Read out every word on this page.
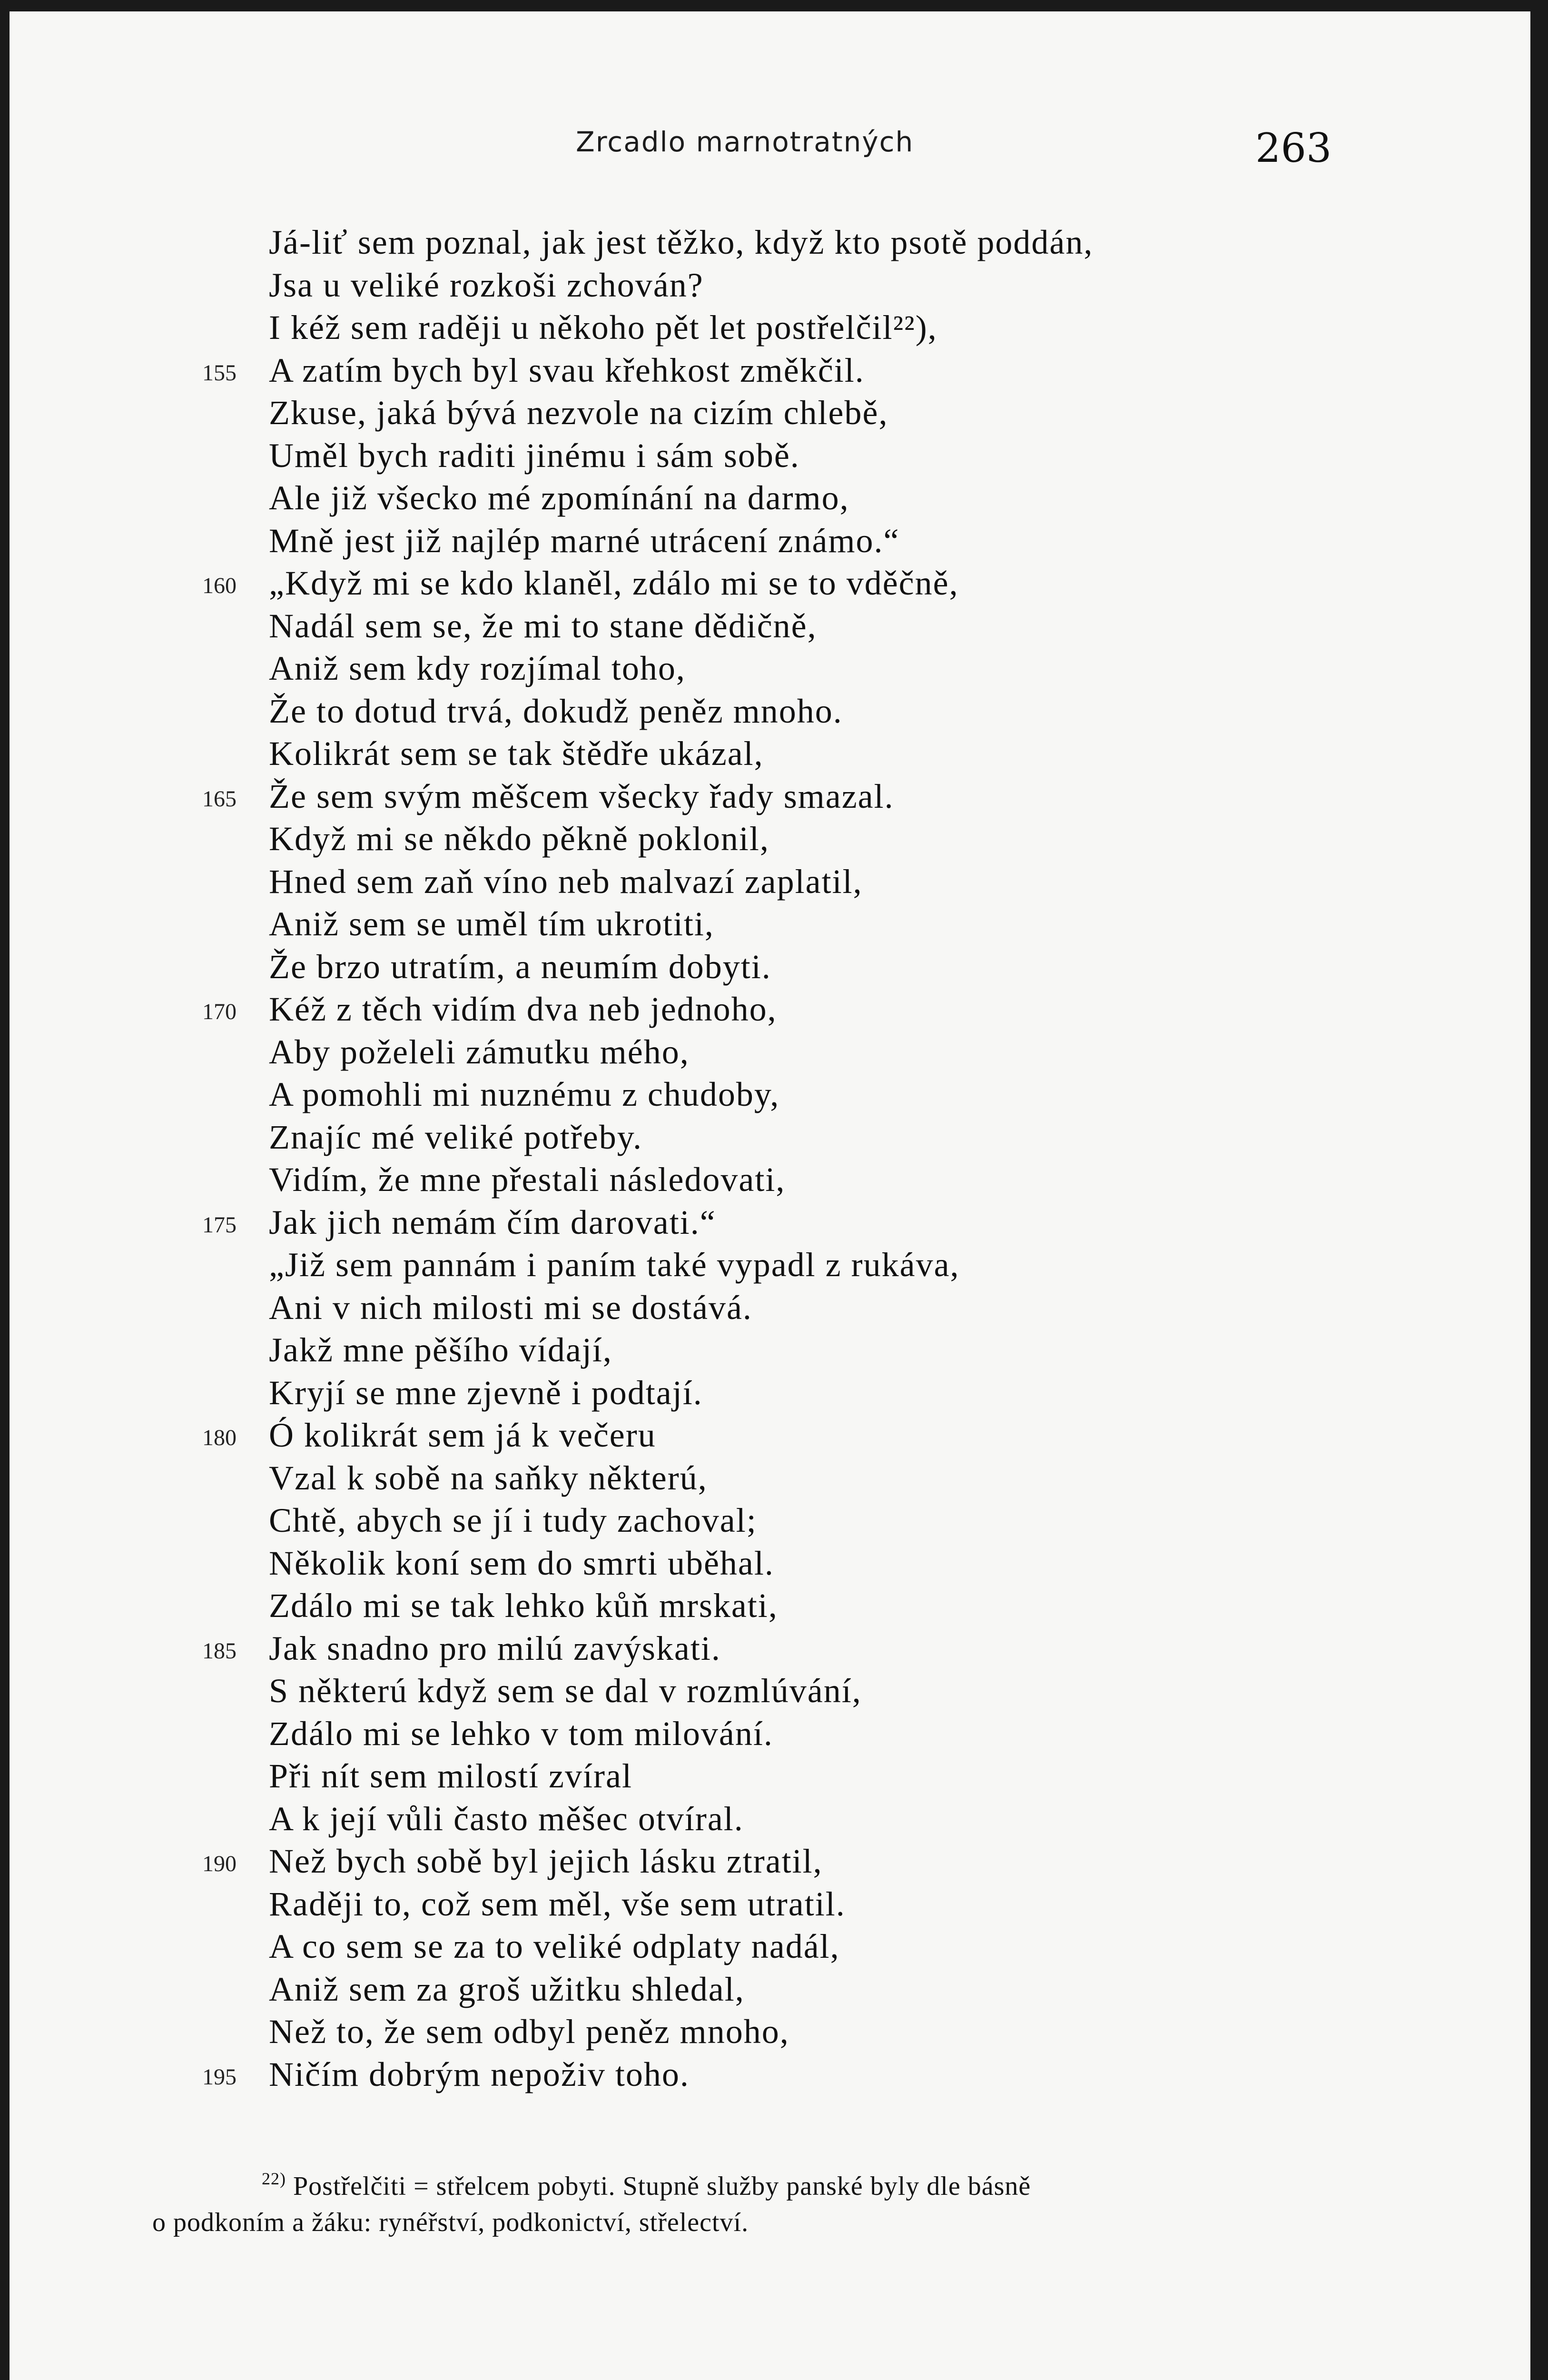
Zrcadlo marnotratných	263
Já-liť sem poznal, jak jest těžko, když kto psotě poddán,
Jsa u veliké rozkoši zchován?
I kéž sem raději u někoho pět let postřelčil²²),
155 A zatím bych byl svau křehkost změkčil.
Zkuse, jaká bývá nezvole na cizím chlebě,
Uměl bych raditi jinému i sám sobě.
Ale již všecko mé zpomínání na darmo,
Mně jest již najlép marné utrácení známo.“
160 „Když mi se kdo klaněl, zdálo mi se to vděčně,
Nadál sem se, že mi to stane dědičně,
Aniž sem kdy rozjímal toho,
Že to dotud trvá, dokudž peněz mnoho.
Kolikrát sem se tak štědře ukázal,
165 Že sem svým měšcem všecky řady smazal.
Když mi se někdo pěkně poklonil,
Hned sem zaň víno neb malvazí zaplatil,
Aniž sem se uměl tím ukrotiti,
Že brzo utratím, a neumím dobyti.
170 Kéž z těch vidím dva neb jednoho,
Aby poželeli zámutku mého,
A pomohli mi nuznému z chudoby,
Znajíc mé veliké potřeby.
Vidím, že mne přestali následovati,
175 Jak jich nemám čím darovati.“
„Již sem pannám i paním také vypadl z rukáva,
Ani v nich milosti mi se dostává.
Jakž mne pěšího vídají,
Kryjí se mne zjevně i podtají.
180 Ó kolikrát sem já k večeru
Vzal k sobě na saňky některú,
Chtě, abych se jí i tudy zachoval;
Několik koní sem do smrti uběhal.
Zdálo mi se tak lehko kůň mrskati,
185 Jak snadno pro milú zavýskati.
S některú když sem se dal v rozmlúvání,
Zdálo mi se lehko v tom milování.
Při nít sem milostí zvíral
A k její vůli často měšec otvíral.
190 Než bych sobě byl jejich lásku ztratil,
Raději to, což sem měl, vše sem utratil.
A co sem se za to veliké odplaty nadál,
Aniž sem za groš užitku shledal,
Než to, že sem odbyl peněz mnoho,
195 Ničím dobrým nepoživ toho.
$^{22)}$ Postřelčiti = střelcem pobyti. Stupně služby panské byly dle básně
o podkoním a žáku: rynéřství, podkonictví, střelectví.
